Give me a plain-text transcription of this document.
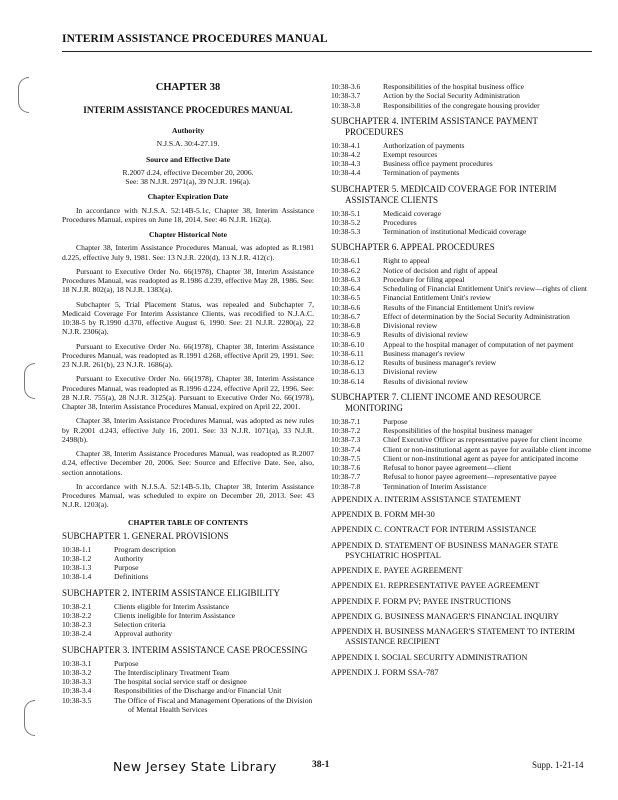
INTERIM ASSISTANCE PROCEDURES MANUAL
CHAPTER 38
INTERIM ASSISTANCE PROCEDURES MANUAL
Authority
N.J.S.A. 30:4-27.19.
Source and Effective Date
R.2007 d.24, effective December 20, 2006.
See: 38 N.J.R. 2971(a), 39 N.J.R. 196(a).
Chapter Expiration Date
In accordance with N.J.S.A. 52:14B-5.1c, Chapter 38, Interim Assistance Procedures Manual, expires on June 18, 2014. See: 46 N.J.R. 162(a).
Chapter Historical Note
Chapter 38, Interim Assistance Procedures Manual, was adopted as R.1981 d.225, effective July 9, 1981. See: 13 N.J.R. 220(d), 13 N.J.R. 412(c).
Pursuant to Executive Order No. 66(1978), Chapter 38, Interim Assistance Procedures Manual, was readopted as R.1986 d.239, effective May 28, 1986. See: 18 N.J.R. 802(a), 18 N.J.R. 1383(a).
Subchapter 5, Trial Placement Status, was repealed and Subchapter 7, Medicaid Coverage For Interim Assistance Clients, was recodified to N.J.A.C. 10:38-5 by R.1990 d.370, effective August 6, 1990. See: 21 N.J.R. 2280(a), 22 N.J.R. 2306(a).
Pursuant to Executive Order No. 66(1978), Chapter 38, Interim Assistance Procedures Manual, was readopted as R.1991 d.268, effective April 29, 1991. See: 23 N.J.R. 261(b), 23 N.J.R. 1686(a).
Pursuant to Executive Order No. 66(1978), Chapter 38, Interim Assistance Procedures Manual, was readopted as R.1996 d.224, effective April 22, 1996. See: 28 N.J.R. 755(a), 28 N.J.R. 3125(a). Pursuant to Executive Order No. 66(1978), Chapter 38, Interim Assistance Procedures Manual, expired on April 22, 2001.
Chapter 38, Interim Assistance Procedures Manual, was adopted as new rules by R.2001 d.243, effective July 16, 2001. See: 33 N.J.R. 1071(a), 33 N.J.R. 2498(b).
Chapter 38, Interim Assistance Procedures Manual, was readopted as R.2007 d.24, effective December 20, 2006. See: Source and Effective Date. See, also, section annotations.
In accordance with N.J.S.A. 52:14B-5.1b, Chapter 38, Interim Assistance Procedures Manual, was scheduled to expire on December 20, 2013. See: 43 N.J.R. 1203(a).
CHAPTER TABLE OF CONTENTS
SUBCHAPTER 1. GENERAL PROVISIONS
10:38-1.1	Program description
10:38-1.2	Authority
10:38-1.3	Purpose
10:38-1.4	Definitions
SUBCHAPTER 2. INTERIM ASSISTANCE ELIGIBILITY
10:38-2.1	Clients eligible for Interim Assistance
10:38-2.2	Clients ineligible for Interim Assistance
10:38-2.3	Selection criteria
10:38-2.4	Approval authority
SUBCHAPTER 3. INTERIM ASSISTANCE CASE PROCESSING
10:38-3.1	Purpose
10:38-3.2	The Interdisciplinary Treatment Team
10:38-3.3	The hospital social service staff or designee
10:38-3.4	Responsibilities of the Discharge and/or Financial Unit
10:38-3.5	The Office of Fiscal and Management Operations of the Division of Mental Health Services
10:38-3.6	Responsibilities of the hospital business office
10:38-3.7	Action by the Social Security Administration
10:38-3.8	Responsibilities of the congregate housing provider
SUBCHAPTER 4. INTERIM ASSISTANCE PAYMENT PROCEDURES
10:38-4.1	Authorization of payments
10:38-4.2	Exempt resources
10:38-4.3	Business office payment procedures
10:38-4.4	Termination of payments
SUBCHAPTER 5. MEDICAID COVERAGE FOR INTERIM ASSISTANCE CLIENTS
10:38-5.1	Medicaid coverage
10:38-5.2	Procedures
10:38-5.3	Termination of institutional Medicaid coverage
SUBCHAPTER 6. APPEAL PROCEDURES
10:38-6.1	Right to appeal
10:38-6.2	Notice of decision and right of appeal
10:38-6.3	Procedure for filing appeal
10:38-6.4	Scheduling of Financial Entitlement Unit's review—rights of client
10:38-6.5	Financial Entitlement Unit's review
10:38-6.6	Results of the Financial Entitlement Unit's review
10:38-6.7	Effect of determination by the Social Security Administration
10:38-6.8	Divisional review
10:38-6.9	Results of divisional review
10:38-6.10	Appeal to the hospital manager of computation of net payment
10:38-6.11	Business manager's review
10:38-6.12	Results of business manager's review
10:38-6.13	Divisional review
10:38-6.14	Results of divisional review
SUBCHAPTER 7. CLIENT INCOME AND RESOURCE MONITORING
10:38-7.1	Purpose
10:38-7.2	Responsibilities of the hospital business manager
10:38-7.3	Chief Executive Officer as representative payee for client income
10:38-7.4	Client or non-institutional agent as payee for available client income
10:38-7.5	Client or non-institutional agent as payee for anticipated income
10:38-7.6	Refusal to honor payee agreement—client
10:38-7.7	Refusal to honor payee agreement—representative payee
10:38-7.8	Termination of Interim Assistance
APPENDIX A. INTERIM ASSISTANCE STATEMENT
APPENDIX B. FORM MH-30
APPENDIX C. CONTRACT FOR INTERIM ASSISTANCE
APPENDIX D. STATEMENT OF BUSINESS MANAGER STATE PSYCHIATRIC HOSPITAL
APPENDIX E. PAYEE AGREEMENT
APPENDIX E1. REPRESENTATIVE PAYEE AGREEMENT
APPENDIX F. FORM PV; PAYEE INSTRUCTIONS
APPENDIX G. BUSINESS MANAGER'S FINANCIAL INQUIRY
APPENDIX H. BUSINESS MANAGER'S STATEMENT TO INTERIM ASSISTANCE RECIPIENT
APPENDIX I. SOCIAL SECURITY ADMINISTRATION
APPENDIX J. FORM SSA-787
New Jersey State Library	38-1	Supp. 1-21-14
